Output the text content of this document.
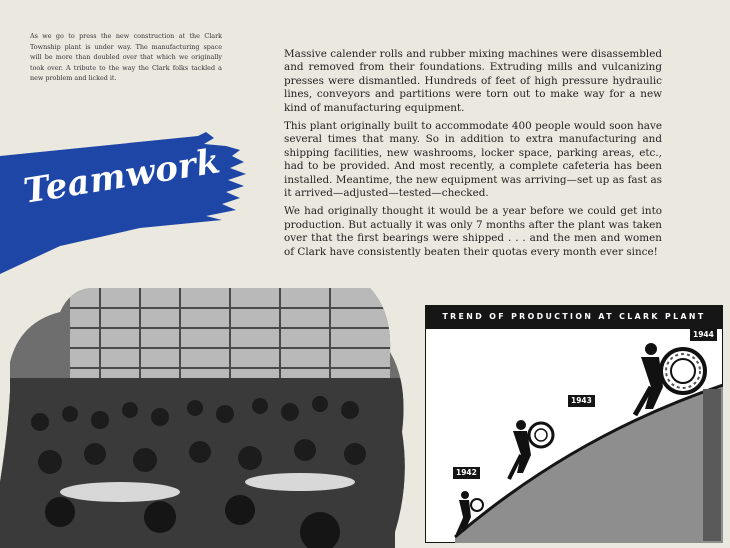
As we go to press the new construction at the Clark Township plant is under way. The manufacturing space will be more than doubled over that which we originally took over. A tribute to the way the Clark folks tackled a new problem and licked it.

Massive calender rolls and rubber mixing machines were disassembled and removed from their foundations. Extruding mills and vulcanizing presses were dismantled. Hundreds of feet of high pressure hydraulic lines, conveyors and partitions were torn out to make way for a new kind of manufacturing equipment.

This plant originally built to accommodate 400 people would soon have several times that many. So in addition to extra manufacturing and shipping facilities, new washrooms, locker space, parking areas, etc., had to be provided. And most recently, a complete cafeteria has been installed. Meantime, the new equipment was arriving—set up as fast as it arrived—adjusted—tested—checked.

We had originally thought it would be a year before we could get into production. But actually it was only 7 months after the plant was taken over that the first bearings were shipped . . . and the men and women of Clark have consistently beaten their quotas every month ever since!

Teamwork
TREND OF PRODUCTION AT CLARK PLANT
1942
1943
1944
